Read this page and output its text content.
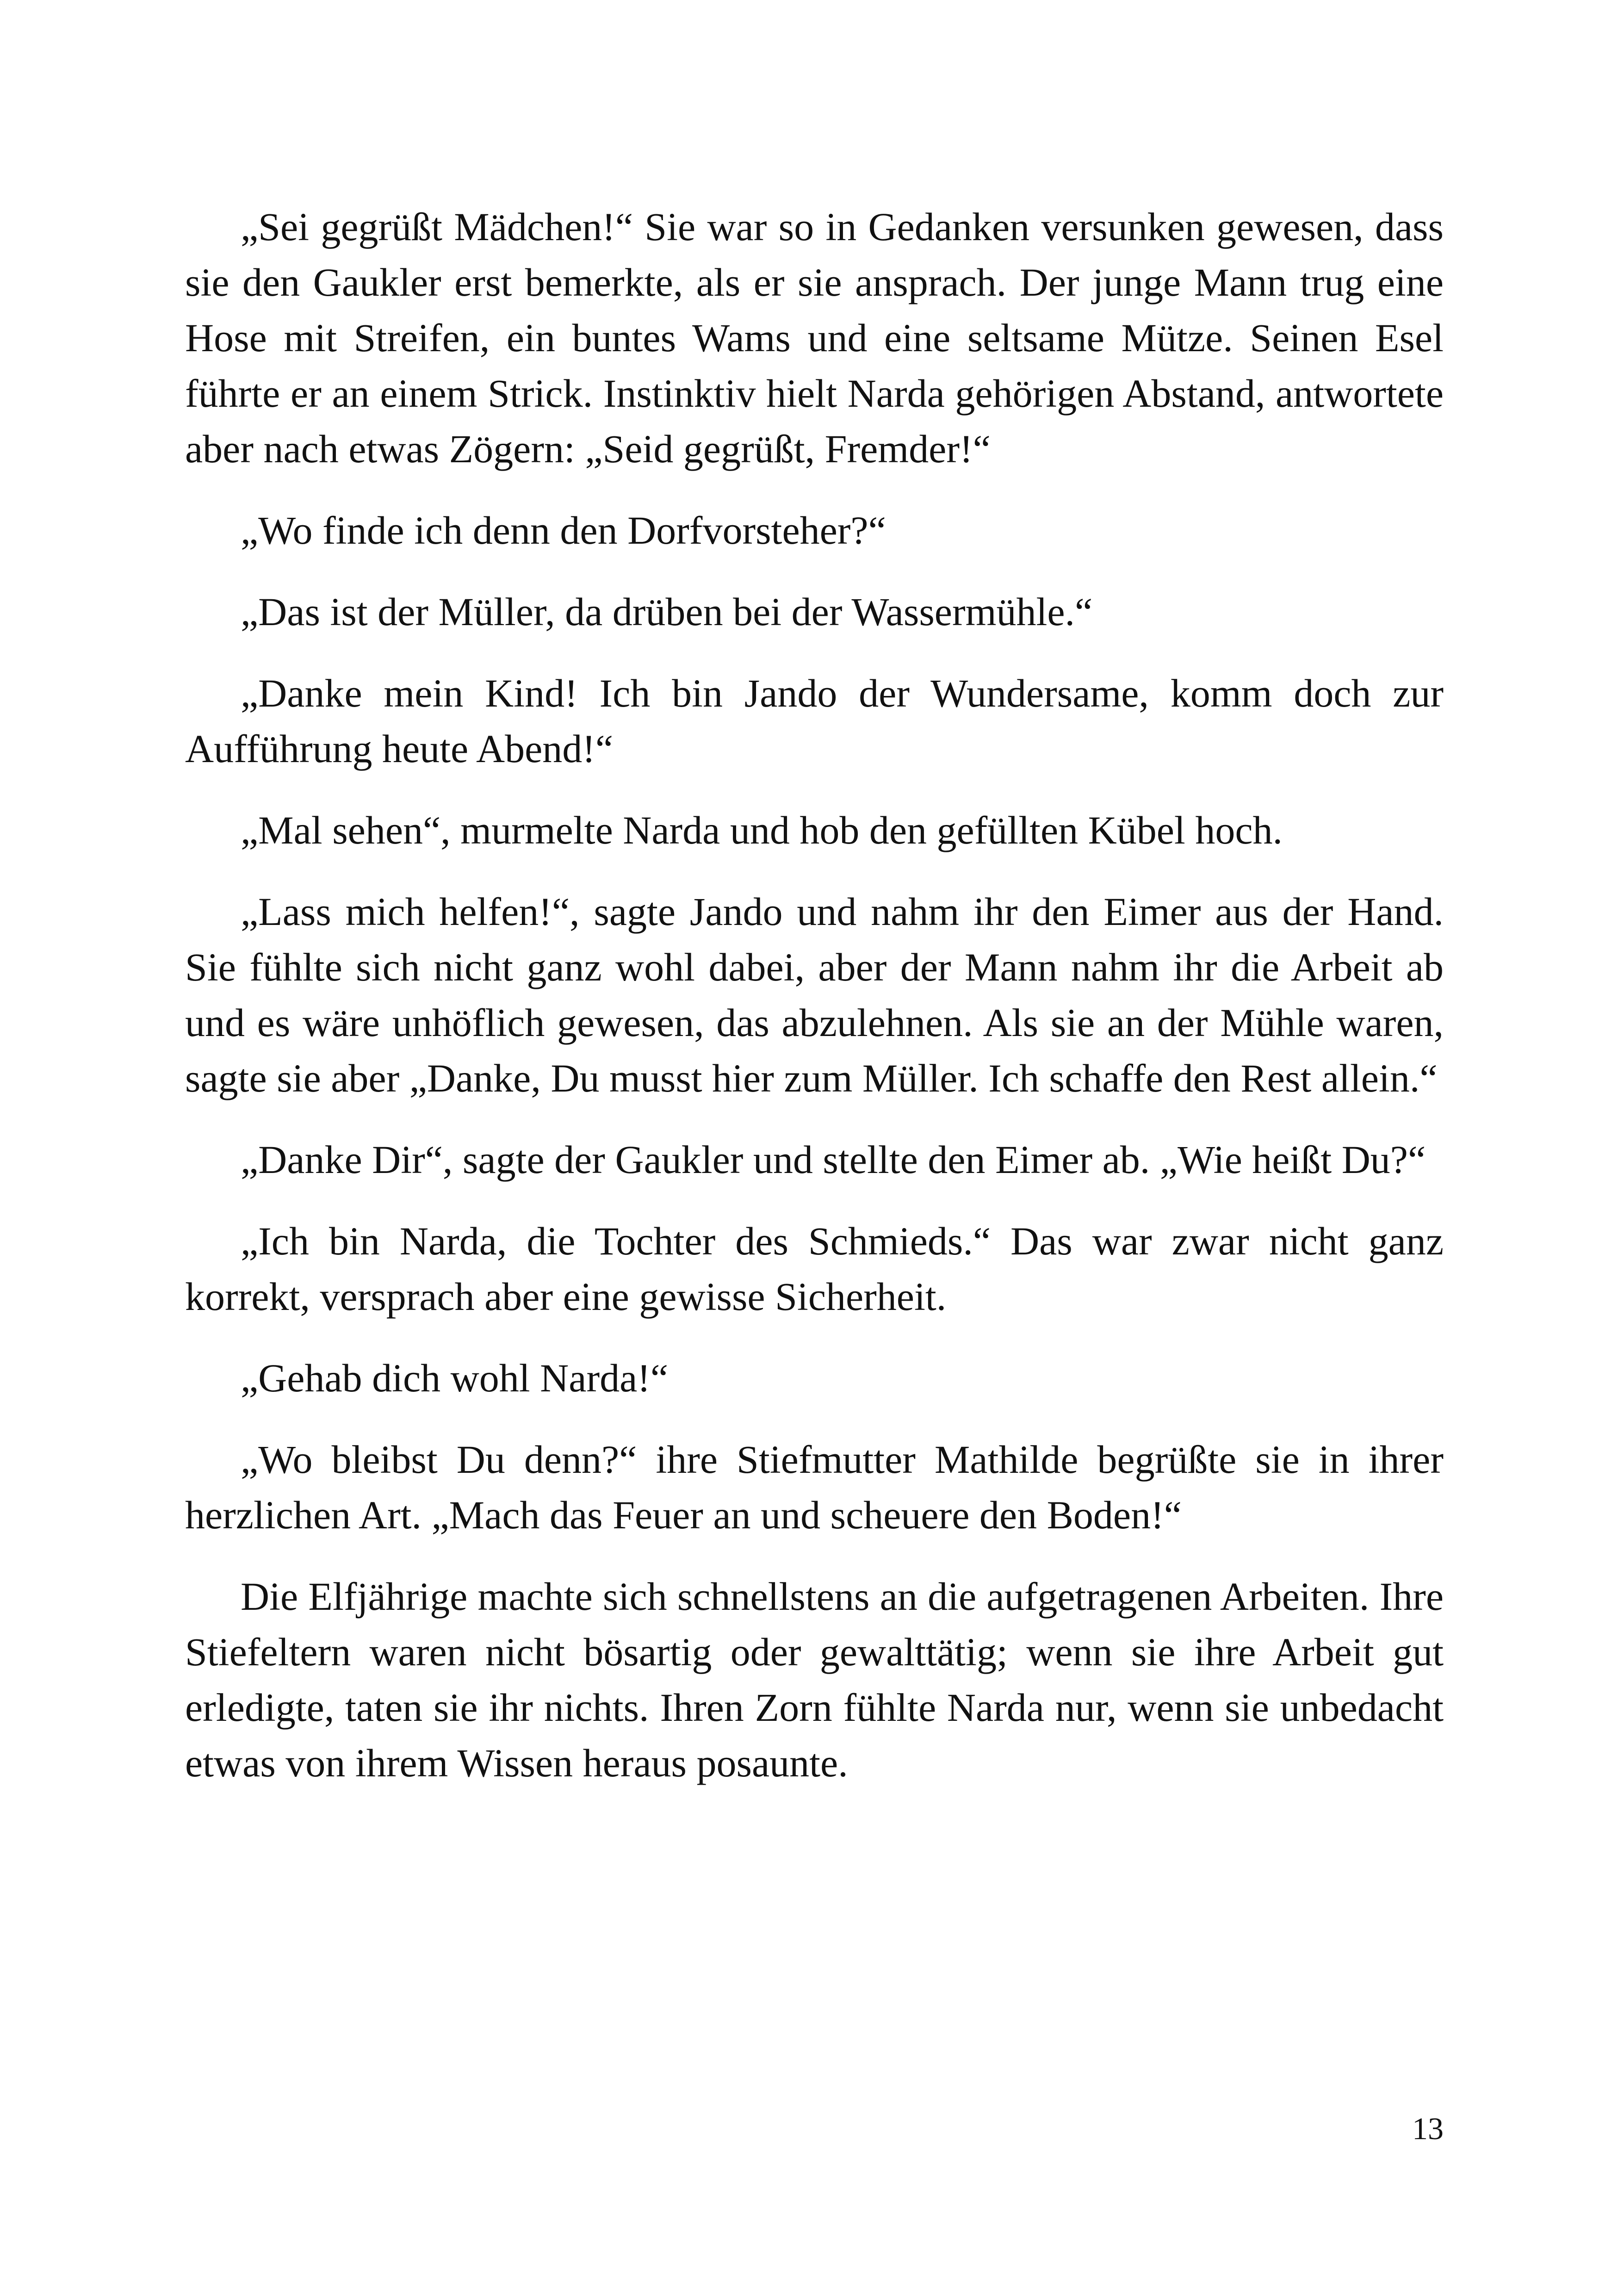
„Sei gegrüßt Mädchen!“ Sie war so in Gedanken versunken gewesen, dass sie den Gaukler erst bemerkte, als er sie ansprach. Der junge Mann trug eine Hose mit Streifen, ein buntes Wams und eine seltsame Mütze. Seinen Esel führte er an einem Strick. Instinktiv hielt Narda gehörigen Abstand, antwortete aber nach etwas Zögern: „Seid gegrüßt, Fremder!“

„Wo finde ich denn den Dorfvorsteher?“

„Das ist der Müller, da drüben bei der Wassermühle.“

„Danke mein Kind! Ich bin Jando der Wundersame, komm doch zur Aufführung heute Abend!“

„Mal sehen“, murmelte Narda und hob den gefüllten Kübel hoch.

„Lass mich helfen!“, sagte Jando und nahm ihr den Eimer aus der Hand. Sie fühlte sich nicht ganz wohl dabei, aber der Mann nahm ihr die Arbeit ab und es wäre unhöflich gewesen, das abzulehnen. Als sie an der Mühle waren, sagte sie aber „Danke, Du musst hier zum Müller. Ich schaffe den Rest allein.“

„Danke Dir“, sagte der Gaukler und stellte den Eimer ab. „Wie heißt Du?“

„Ich bin Narda, die Tochter des Schmieds.“ Das war zwar nicht ganz korrekt, versprach aber eine gewisse Sicherheit.

„Gehab dich wohl Narda!“

„Wo bleibst Du denn?“ ihre Stiefmutter Mathilde begrüßte sie in ihrer herzlichen Art. „Mach das Feuer an und scheuere den Boden!“

Die Elfjährige machte sich schnellstens an die aufgetragenen Arbeiten. Ihre Stiefeltern waren nicht bösartig oder gewalttätig; wenn sie ihre Arbeit gut erledigte, taten sie ihr nichts. Ihren Zorn fühlte Narda nur, wenn sie unbedacht etwas von ihrem Wissen heraus posaunte.

13
